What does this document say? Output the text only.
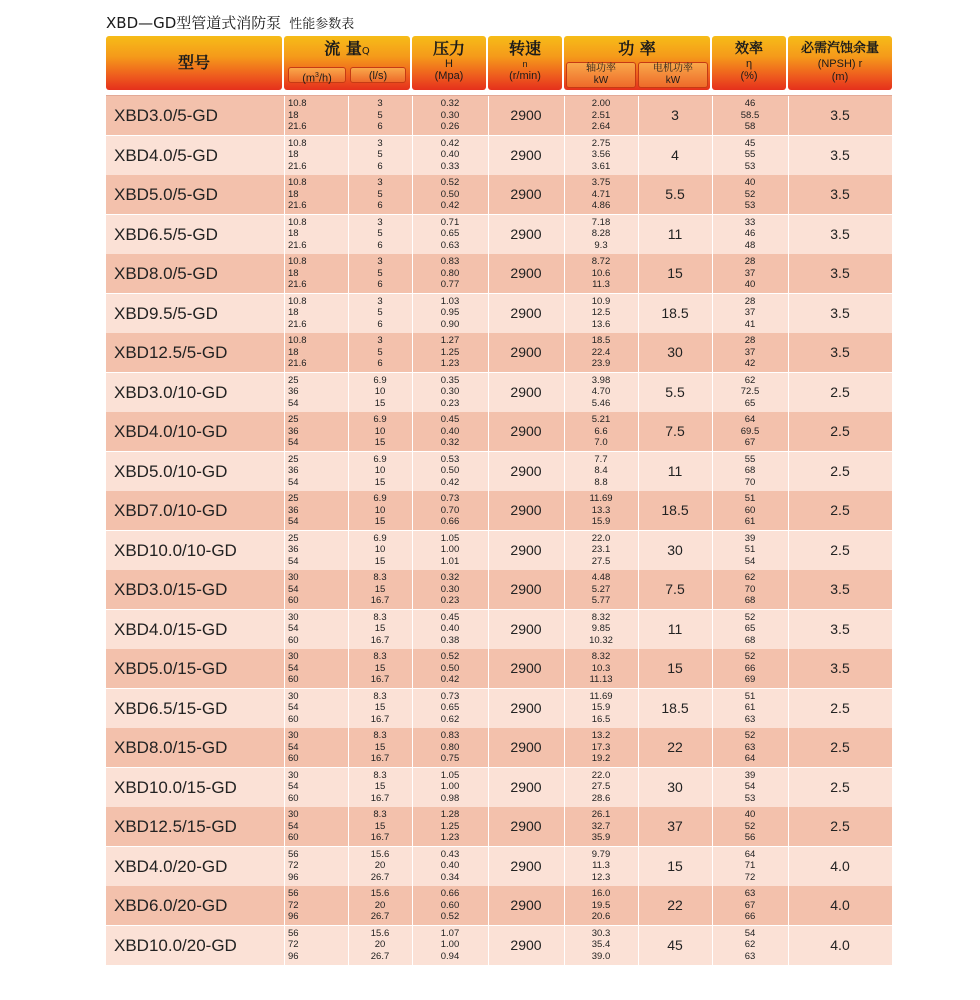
XBD—GD型管道式消防泵 性能参数表
型号
流 量Q
$(m^3/h)$	(l/s)
压力
H
(Mpa)
转速
n
(r/min)
功 率
轴功率
kW
电机功率
kW
效率
η
(%)
必需汽蚀余量
(NPSH) r
(m)
XBD3.0/5-GD
10.8
18
21.6
3
5
6
0.32
0.30
0.26
2900
2.00
2.51
2.64
3
46
58.5
58
3.5
XBD4.0/5-GD
10.8
18
21.6
3
5
6
0.42
0.40
0.33
2900
2.75
3.56
3.61
4
45
55
53
3.5
XBD5.0/5-GD
10.8
18
21.6
3
5
6
0.52
0.50
0.42
2900
3.75
4.71
4.86
5.5
40
52
53
3.5
XBD6.5/5-GD
10.8
18
21.6
3
5
6
0.71
0.65
0.63
2900
7.18
8.28
9.3
11
33
46
48
3.5
XBD8.0/5-GD
10.8
18
21.6
3
5
6
0.83
0.80
0.77
2900
8.72
10.6
11.3
15
28
37
40
3.5
XBD9.5/5-GD
10.8
18
21.6
3
5
6
1.03
0.95
0.90
2900
10.9
12.5
13.6
18.5
28
37
41
3.5
XBD12.5/5-GD
10.8
18
21.6
3
5
6
1.27
1.25
1.23
2900
18.5
22.4
23.9
30
28
37
42
3.5
XBD3.0/10-GD
25
36
54
6.9
10
15
0.35
0.30
0.23
2900
3.98
4.70
5.46
5.5
62
72.5
65
2.5
XBD4.0/10-GD
25
36
54
6.9
10
15
0.45
0.40
0.32
2900
5.21
6.6
7.0
7.5
64
69.5
67
2.5
XBD5.0/10-GD
25
36
54
6.9
10
15
0.53
0.50
0.42
2900
7.7
8.4
8.8
11
55
68
70
2.5
XBD7.0/10-GD
25
36
54
6.9
10
15
0.73
0.70
0.66
2900
11.69
13.3
15.9
18.5
51
60
61
2.5
XBD10.0/10-GD
25
36
54
6.9
10
15
1.05
1.00
1.01
2900
22.0
23.1
27.5
30
39
51
54
2.5
XBD3.0/15-GD
30
54
60
8.3
15
16.7
0.32
0.30
0.23
2900
4.48
5.27
5.77
7.5
62
70
68
3.5
XBD4.0/15-GD
30
54
60
8.3
15
16.7
0.45
0.40
0.38
2900
8.32
9.85
10.32
11
52
65
68
3.5
XBD5.0/15-GD
30
54
60
8.3
15
16.7
0.52
0.50
0.42
2900
8.32
10.3
11.13
15
52
66
69
3.5
XBD6.5/15-GD
30
54
60
8.3
15
16.7
0.73
0.65
0.62
2900
11.69
15.9
16.5
18.5
51
61
63
2.5
XBD8.0/15-GD
30
54
60
8.3
15
16.7
0.83
0.80
0.75
2900
13.2
17.3
19.2
22
52
63
64
2.5
XBD10.0/15-GD
30
54
60
8.3
15
16.7
1.05
1.00
0.98
2900
22.0
27.5
28.6
30
39
54
53
2.5
XBD12.5/15-GD
30
54
60
8.3
15
16.7
1.28
1.25
1.23
2900
26.1
32.7
35.9
37
40
52
56
2.5
XBD4.0/20-GD
56
72
96
15.6
20
26.7
0.43
0.40
0.34
2900
9.79
11.3
12.3
15
64
71
72
4.0
XBD6.0/20-GD
56
72
96
15.6
20
26.7
0.66
0.60
0.52
2900
16.0
19.5
20.6
22
63
67
66
4.0
XBD10.0/20-GD
56
72
96
15.6
20
26.7
1.07
1.00
0.94
2900
30.3
35.4
39.0
45
54
62
63
4.0
